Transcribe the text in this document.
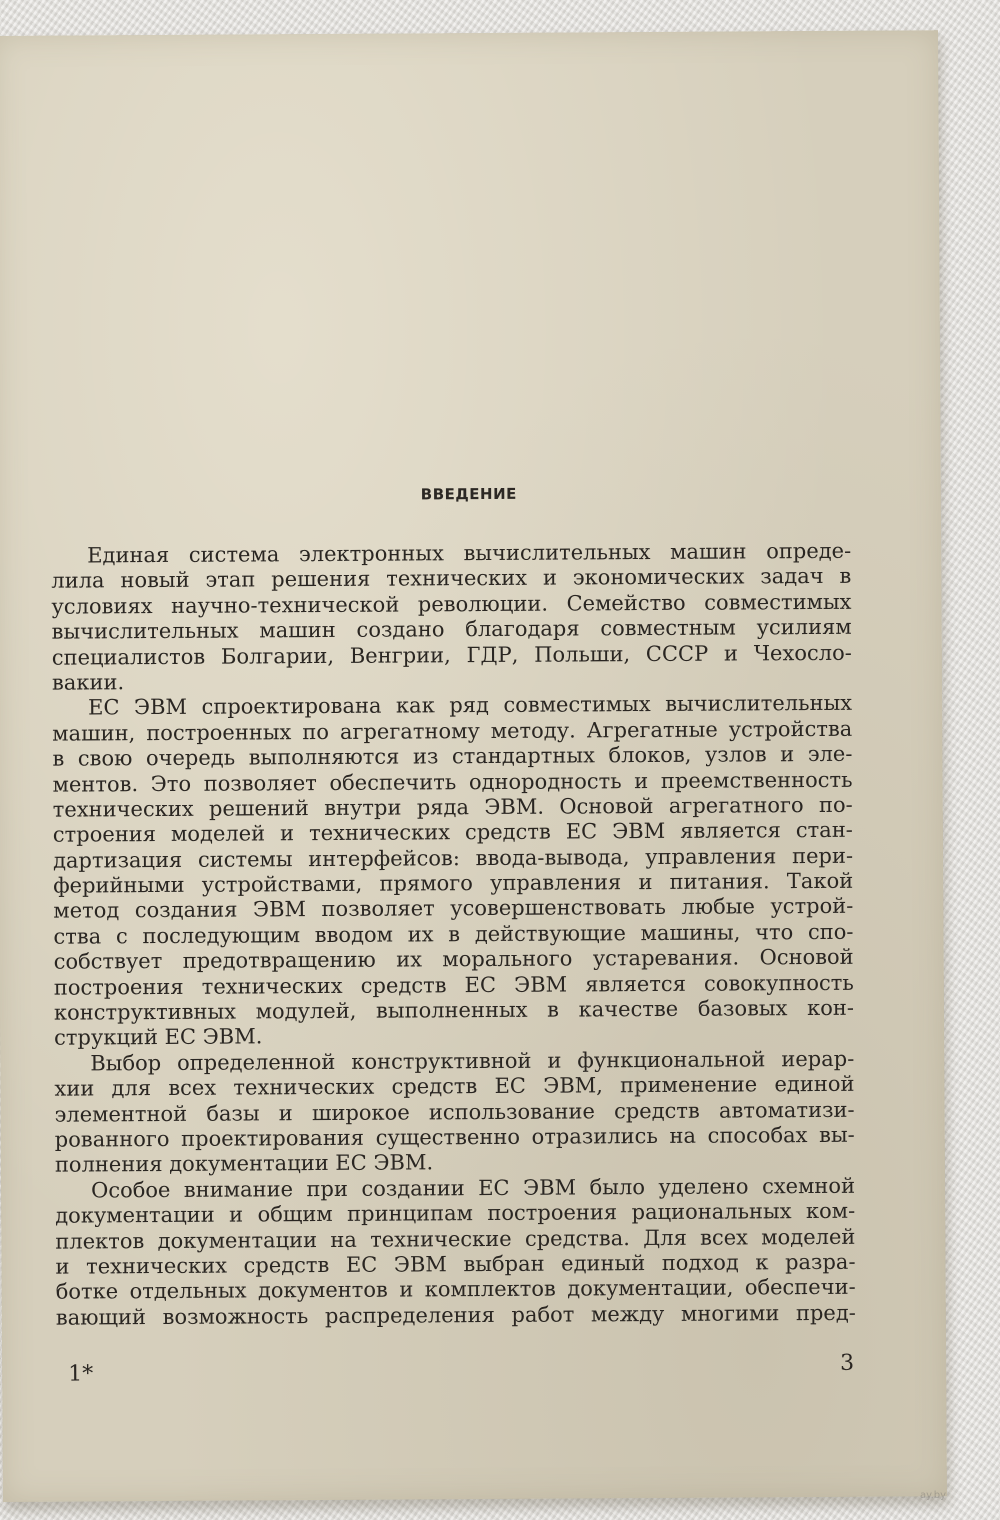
ВВЕДЕНИЕ
Единая система электронных вычислительных машин опреде-
лила новый этап решения технических и экономических задач в
условиях научно-технической революции. Семейство совместимых
вычислительных машин создано благодаря совместным усилиям
специалистов Болгарии, Венгрии, ГДР, Польши, СССР и Чехосло-
вакии.
ЕС ЭВМ спроектирована как ряд совместимых вычислительных
машин, построенных по агрегатному методу. Агрегатные устройства
в свою очередь выполняются из стандартных блоков, узлов и эле-
ментов. Это позволяет обеспечить однородность и преемственность
технических решений внутри ряда ЭВМ. Основой агрегатного по-
строения моделей и технических средств ЕС ЭВМ является стан-
дартизация системы интерфейсов: ввода-вывода, управления пери-
ферийными устройствами, прямого управления и питания. Такой
метод создания ЭВМ позволяет усовершенствовать любые устрой-
ства с последующим вводом их в действующие машины, что спо-
собствует предотвращению их морального устаревания. Основой
построения технических средств ЕС ЭВМ является совокупность
конструктивных модулей, выполненных в качестве базовых кон-
струкций ЕС ЭВМ.
Выбор определенной конструктивной и функциональной иерар-
хии для всех технических средств ЕС ЭВМ, применение единой
элементной базы и широкое использование средств автоматизи-
рованного проектирования существенно отразились на способах вы-
полнения документации ЕС ЭВМ.
Особое внимание при создании ЕС ЭВМ было уделено схемной
документации и общим принципам построения рациональных ком-
плектов документации на технические средства. Для всех моделей
и технических средств ЕС ЭВМ выбран единый подход к разра-
ботке отдельных документов и комплектов документации, обеспечи-
вающий возможность распределения работ между многими пред-
1*	3
ay.by
